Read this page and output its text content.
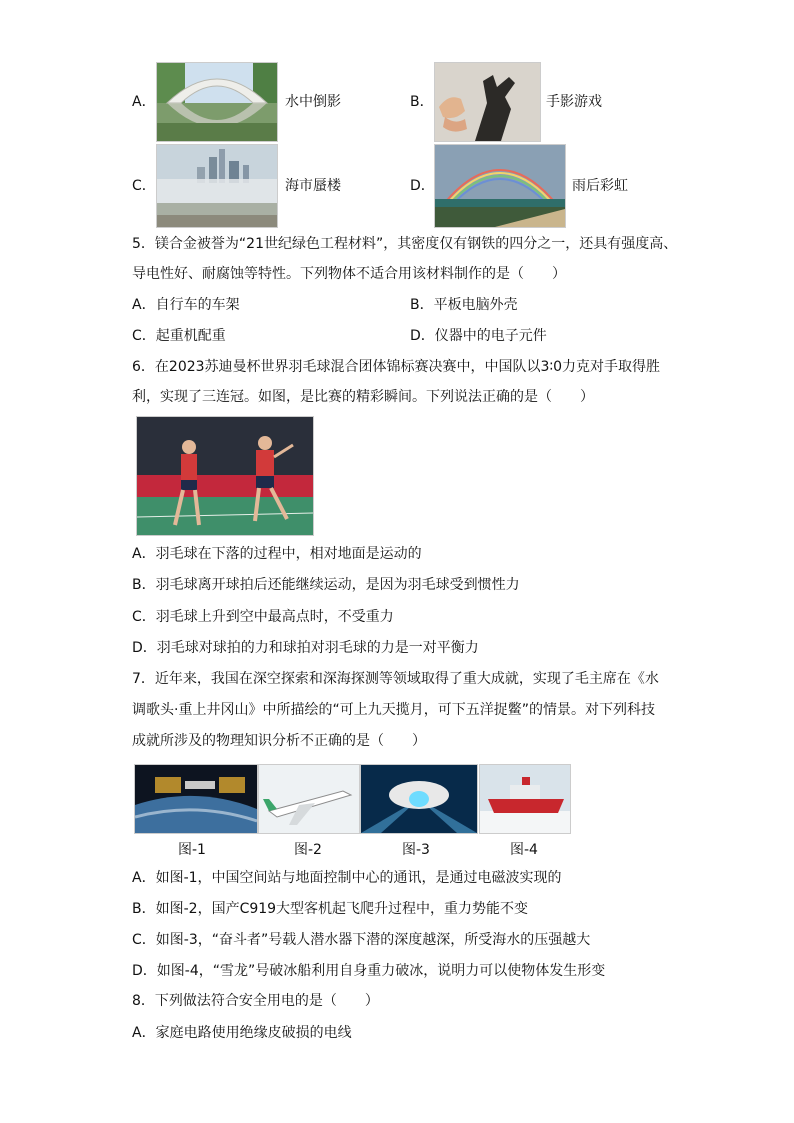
A．	水中倒影	B．	手影游戏
C．	海市蜃楼	D．	雨后彩虹
5．镁合金被誉为“21世纪绿色工程材料”，其密度仅有钢铁的四分之一，还具有强度高、
导电性好、耐腐蚀等特性。下列物体不适合用该材料制作的是（　　）
A．自行车的车架	B．平板电脑外壳
C．起重机配重	D．仪器中的电子元件
6．在2023苏迪曼杯世界羽毛球混合团体锦标赛决赛中，中国队以3∶0力克对手取得胜
利，实现了三连冠。如图，是比赛的精彩瞬间。下列说法正确的是（　　）
A．羽毛球在下落的过程中，相对地面是运动的
B．羽毛球离开球拍后还能继续运动，是因为羽毛球受到惯性力
C．羽毛球上升到空中最高点时，不受重力
D．羽毛球对球拍的力和球拍对羽毛球的力是一对平衡力
7．近年来，我国在深空探索和深海探测等领域取得了重大成就，实现了毛主席在《水
调歌头·重上井冈山》中所描绘的“可上九天揽月，可下五洋捉鳖”的情景。对下列科技
成就所涉及的物理知识分析不正确的是（　　）
图-1	图-2	图-3	图-4
A．如图-1，中国空间站与地面控制中心的通讯，是通过电磁波实现的
B．如图-2，国产C919大型客机起飞爬升过程中，重力势能不变
C．如图-3，“奋斗者”号载人潜水器下潜的深度越深，所受海水的压强越大
D．如图-4，“雪龙”号破冰船利用自身重力破冰，说明力可以使物体发生形变
8．下列做法符合安全用电的是（　　）
A．家庭电路使用绝缘皮破损的电线
